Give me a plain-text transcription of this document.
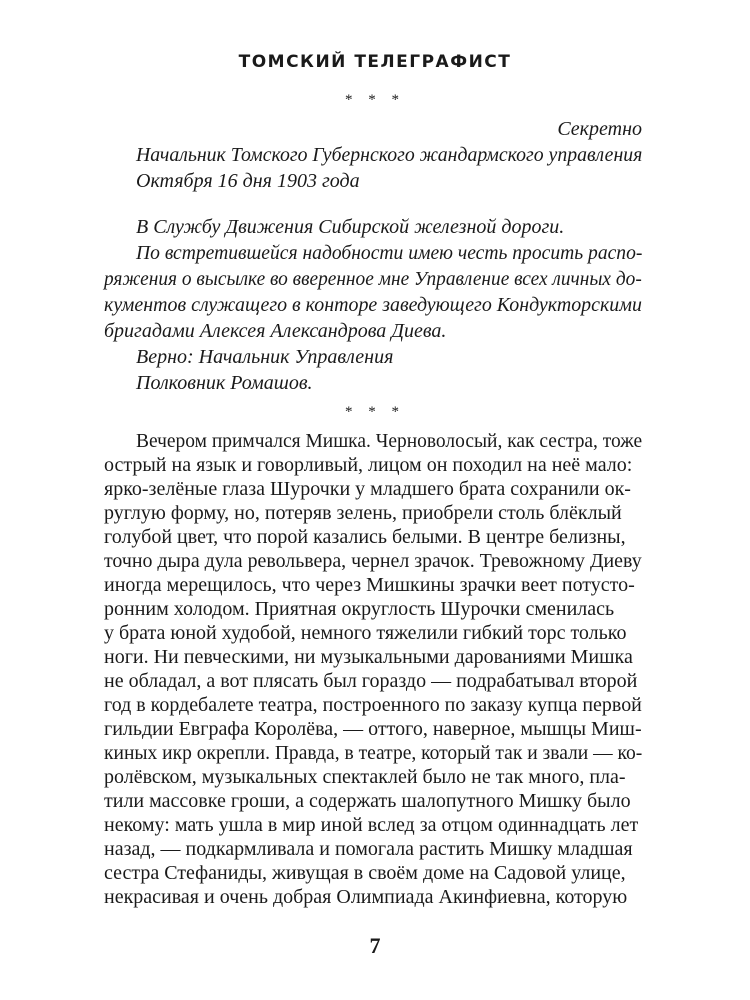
ТОМСКИЙ ТЕЛЕГРАФИСТ
* * *
Секретно
Начальник Томского Губернского жандармского управления
Октября 16 дня 1903 года
В Службу Движения Сибирской железной дороги.
По встретившейся надобности имею честь просить распо-
ряжения о высылке во вверенное мне Управление всех личных до-
кументов служащего в конторе заведующего Кондукторскими
бригадами Алексея Александрова Диева.
Верно: Начальник Управления
Полковник Ромашов.
* * *
Вечером примчался Мишка. Черноволосый, как сестра, тоже
острый на язык и говорливый, лицом он походил на неё мало:
ярко-зелёные глаза Шурочки у младшего брата сохранили ок-
руглую форму, но, потеряв зелень, приобрели столь блёклый
голубой цвет, что порой казались белыми. В центре белизны,
точно дыра дула револьвера, чернел зрачок. Тревожному Диеву
иногда мерещилось, что через Мишкины зрачки веет потусто-
ронним холодом. Приятная округлость Шурочки сменилась
у брата юной худобой, немного тяжелили гибкий торс только
ноги. Ни певческими, ни музыкальными дарованиями Мишка
не обладал, а вот плясать был гораздо — подрабатывал второй
год в кордебалете театра, построенного по заказу купца первой
гильдии Евграфа Королёва, — оттого, наверное, мышцы Миш-
киных икр окрепли. Правда, в театре, который так и звали — ко-
ролёвском, музыкальных спектаклей было не так много, пла-
тили массовке гроши, а содержать шалопутного Мишку было
некому: мать ушла в мир иной вслед за отцом одиннадцать лет
назад, — подкармливала и помогала растить Мишку младшая
сестра Стефаниды, живущая в своём доме на Садовой улице,
некрасивая и очень добрая Олимпиада Акинфиевна, которую
7
